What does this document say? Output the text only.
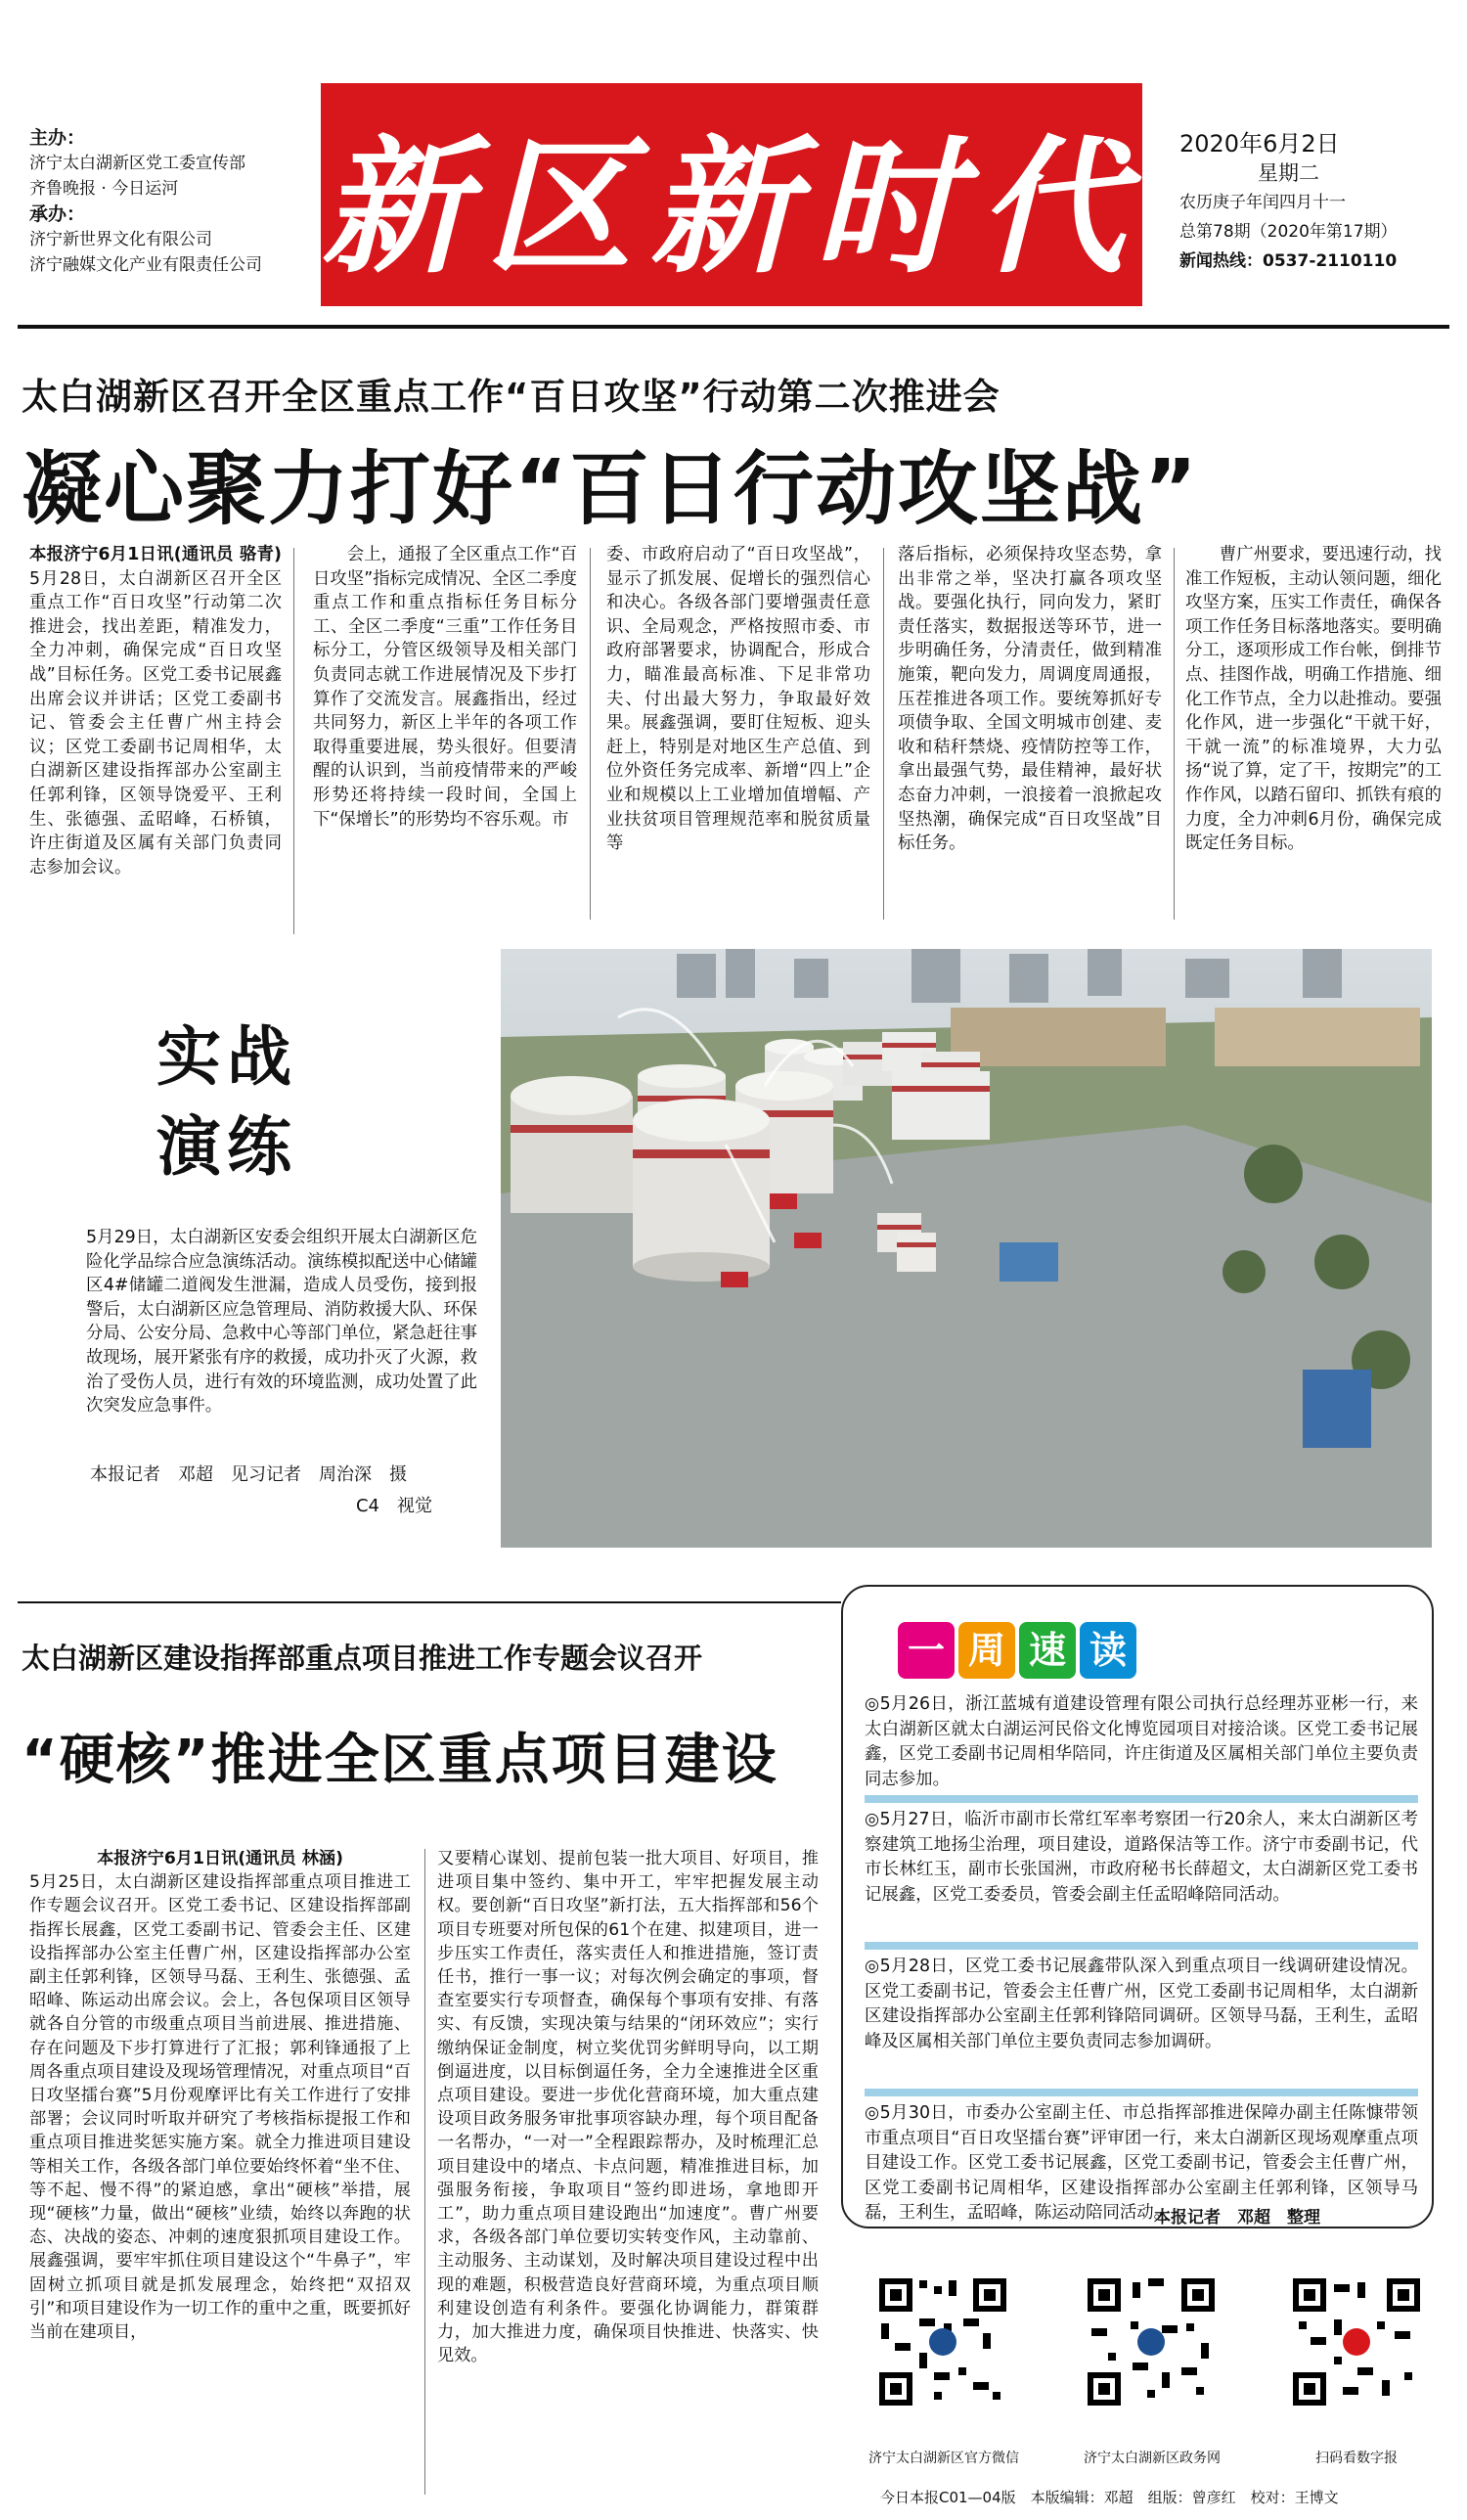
主办：
济宁太白湖新区党工委宣传部
齐鲁晚报 · 今日运河
承办：
济宁新世界文化有限公司
济宁融媒文化产业有限责任公司 新区新时代 2020年6月2日
星期二
农历庚子年闰四月十一
总第78期（2020年第17期）
新闻热线：0537-2110110
太白湖新区召开全区重点工作“百日攻坚”行动第二次推进会
凝心聚力打好“百日行动攻坚战”
本报济宁6月1日讯(通讯员 骆青) 5月28日，太白湖新区召开全区重点工作“百日攻坚”行动第二次推进会，找出差距，精准发力，全力冲刺，确保完成“百日攻坚战”目标任务。区党工委书记展鑫出席会议并讲话；区党工委副书记、管委会主任曹广州主持会议；区党工委副书记周相华，太白湖新区建设指挥部办公室副主任郭利锋，区领导饶爱平、王利生、张德强、孟昭峰，石桥镇，许庄街道及区属有关部门负责同志参加会议。
会上，通报了全区重点工作“百日攻坚”指标完成情况、全区二季度重点工作和重点指标任务目标分工、全区二季度“三重”工作任务目标分工，分管区级领导及相关部门负责同志就工作进展情况及下步打算作了交流发言。展鑫指出，经过共同努力，新区上半年的各项工作取得重要进展，势头很好。但要清醒的认识到，当前疫情带来的严峻形势还将持续一段时间，全国上下“保增长”的形势均不容乐观。市
委、市政府启动了“百日攻坚战”，显示了抓发展、促增长的强烈信心和决心。各级各部门要增强责任意识、全局观念，严格按照市委、市政府部署要求，协调配合，形成合力，瞄准最高标准、下足非常功夫、付出最大努力，争取最好效果。展鑫强调，要盯住短板、迎头赶上，特别是对地区生产总值、到位外资任务完成率、新增“四上”企业和规模以上工业增加值增幅、产业扶贫项目管理规范率和脱贫质量等
落后指标，必须保持攻坚态势，拿出非常之举，坚决打赢各项攻坚战。要强化执行，同向发力，紧盯责任落实，数据报送等环节，进一步明确任务，分清责任，做到精准施策，靶向发力，周调度周通报，压茬推进各项工作。要统筹抓好专项债争取、全国文明城市创建、麦收和秸秆禁烧、疫情防控等工作，拿出最强气势，最佳精神，最好状态奋力冲刺，一浪接着一浪掀起攻坚热潮，确保完成“百日攻坚战”目标任务。
曹广州要求，要迅速行动，找准工作短板，主动认领问题，细化攻坚方案，压实工作责任，确保各项工作任务目标落地落实。要明确分工，逐项形成工作台帐，倒排节点、挂图作战，明确工作措施、细化工作节点，全力以赴推动。要强化作风，进一步强化“干就干好，干就一流”的标准境界，大力弘扬“说了算，定了干，按期完”的工作作风，以踏石留印、抓铁有痕的力度，全力冲刺6月份，确保完成既定任务目标。
实战
演练
5月29日，太白湖新区安委会组织开展太白湖新区危险化学品综合应急演练活动。演练模拟配送中心储罐区4#储罐二道阀发生泄漏，造成人员受伤，接到报警后，太白湖新区应急管理局、消防救援大队、环保分局、公安分局、急救中心等部门单位，紧急赶往事故现场，展开紧张有序的救援，成功扑灭了火源，救治了受伤人员，进行有效的环境监测，成功处置了此次突发应急事件。
本报记者　邓超　见习记者　周治深　摄
C4　视觉
太白湖新区建设指挥部重点项目推进工作专题会议召开
“硬核”推进全区重点项目建设
本报济宁6月1日讯(通讯员 林涵)
5月25日，太白湖新区建设指挥部重点项目推进工作专题会议召开。区党工委书记、区建设指挥部副指挥长展鑫，区党工委副书记、管委会主任、区建设指挥部办公室主任曹广州，区建设指挥部办公室副主任郭利锋，区领导马磊、王利生、张德强、孟昭峰、陈运动出席会议。会上，各包保项目区领导就各自分管的市级重点项目当前进展、推进措施、存在问题及下步打算进行了汇报；郭利锋通报了上周各重点项目建设及现场管理情况，对重点项目“百日攻坚擂台赛”5月份观摩评比有关工作进行了安排部署；会议同时听取并研究了考核指标提报工作和重点项目推进奖惩实施方案。就全力推进项目建设等相关工作，各级各部门单位要始终怀着“坐不住、等不起、慢不得”的紧迫感，拿出“硬核”举措，展现“硬核”力量，做出“硬核”业绩，始终以奔跑的状态、决战的姿态、冲刺的速度狠抓项目建设工作。展鑫强调，要牢牢抓住项目建设这个“牛鼻子”，牢固树立抓项目就是抓发展理念，始终把“双招双引”和项目建设作为一切工作的重中之重，既要抓好当前在建项目，
又要精心谋划、提前包装一批大项目、好项目，推进项目集中签约、集中开工，牢牢把握发展主动权。要创新“百日攻坚”新打法，五大指挥部和56个项目专班要对所包保的61个在建、拟建项目，进一步压实工作责任，落实责任人和推进措施，签订责任书，推行一事一议；对每次例会确定的事项，督查室要实行专项督查，确保每个事项有安排、有落实、有反馈，实现决策与结果的“闭环效应”；实行缴纳保证金制度，树立奖优罚劣鲜明导向，以工期倒逼进度，以目标倒逼任务，全力全速推进全区重点项目建设。要进一步优化营商环境，加大重点建设项目政务服务审批事项容缺办理，每个项目配备一名帮办，“一对一”全程跟踪帮办，及时梳理汇总项目建设中的堵点、卡点问题，精准推进目标，加强服务衔接，争取项目“签约即进场，拿地即开工”，助力重点项目建设跑出“加速度”。曹广州要求，各级各部门单位要切实转变作风，主动靠前、主动服务、主动谋划，及时解决项目建设过程中出现的难题，积极营造良好营商环境，为重点项目顺利建设创造有利条件。要强化协调能力，群策群力，加大推进力度，确保项目快推进、快落实、快见效。
一 周 速 读
◎5月26日，浙江蓝城有道建设管理有限公司执行总经理苏亚彬一行，来太白湖新区就太白湖运河民俗文化博览园项目对接洽谈。区党工委书记展鑫，区党工委副书记周相华陪同，许庄街道及区属相关部门单位主要负责同志参加。
◎5月27日，临沂市副市长常红军率考察团一行20余人，来太白湖新区考察建筑工地扬尘治理，项目建设，道路保洁等工作。济宁市委副书记，代市长林红玉，副市长张国洲，市政府秘书长薛超文，太白湖新区党工委书记展鑫，区党工委委员，管委会副主任孟昭峰陪同活动。
◎5月28日，区党工委书记展鑫带队深入到重点项目一线调研建设情况。区党工委副书记，管委会主任曹广州，区党工委副书记周相华，太白湖新区建设指挥部办公室副主任郭利锋陪同调研。区领导马磊，王利生，孟昭峰及区属相关部门单位主要负责同志参加调研。
◎5月30日，市委办公室副主任、市总指挥部推进保障办副主任陈慷带领市重点项目“百日攻坚擂台赛”评审团一行，来太白湖新区现场观摩重点项目建设工作。区党工委书记展鑫，区党工委副书记，管委会主任曹广州，区党工委副书记周相华，区建设指挥部办公室副主任郭利锋，区领导马磊，王利生，孟昭峰，陈运动陪同活动。
本报记者　邓超　整理
济宁太白湖新区官方微信	济宁太白湖新区政务网	扫码看数字报
今日本报C01—04版　本版编辑：邓超　组版：曾彦红　校对：王博文
